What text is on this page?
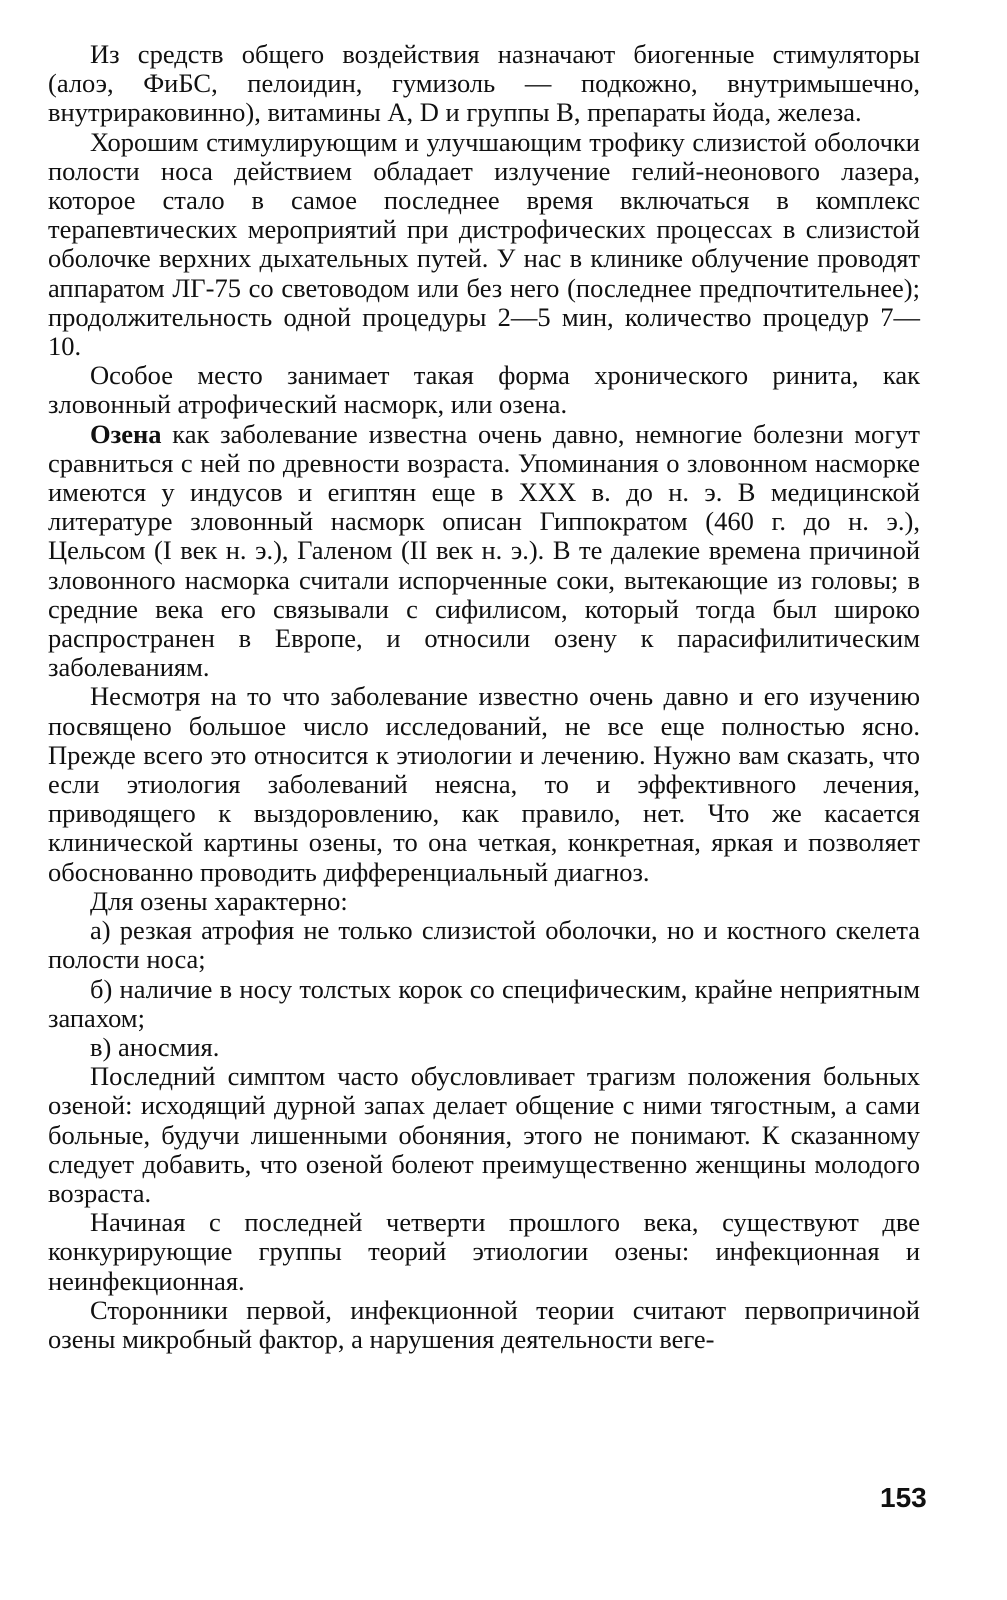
Из средств общего воздействия назначают биогенные стимуляторы (алоэ, ФиБС, пелоидин, гумизоль — подкожно, внутримышечно, внутрираковинно), витамины A, D и группы B, препараты йода, железа.

Хорошим стимулирующим и улучшающим трофику слизистой оболочки полости носа действием обладает излучение гелий-неонового лазера, которое стало в самое последнее время включаться в комплекс терапевтических мероприятий при дистрофических процессах в слизистой оболочке верхних дыхательных путей. У нас в клинике облучение проводят аппаратом ЛГ-75 со световодом или без него (последнее предпочтительнее); продолжительность одной процедуры 2—5 мин, количество процедур 7—10.

Особое место занимает такая форма хронического ринита, как зловонный атрофический насморк, или озена.

Озена как заболевание известна очень давно, немногие болезни могут сравниться с ней по древности возраста. Упоминания о зловонном насморке имеются у индусов и египтян еще в XXX в. до н. э. В медицинской литературе зловонный насморк описан Гиппократом (460 г. до н. э.), Цельсом (I век н. э.), Галеном (II век н. э.). В те далекие времена причиной зловонного насморка считали испорченные соки, вытекающие из головы; в средние века его связывали с сифилисом, который тогда был широко распространен в Европе, и относили озену к парасифилитическим заболеваниям.

Несмотря на то что заболевание известно очень давно и его изучению посвящено большое число исследований, не все еще полностью ясно. Прежде всего это относится к этиологии и лечению. Нужно вам сказать, что если этиология заболеваний неясна, то и эффективного лечения, приводящего к выздоровлению, как правило, нет. Что же касается клинической картины озены, то она четкая, конкретная, яркая и позволяет обоснованно проводить дифференциальный диагноз.

Для озены характерно:

а) резкая атрофия не только слизистой оболочки, но и костного скелета полости носа;

б) наличие в носу толстых корок со специфическим, крайне неприятным запахом;

в) аносмия.

Последний симптом часто обусловливает трагизм положения больных озеной: исходящий дурной запах делает общение с ними тягостным, а сами больные, будучи лишенными обоняния, этого не понимают. К сказанному следует добавить, что озеной болеют преимущественно женщины молодого возраста.

Начиная с последней четверти прошлого века, существуют две конкурирующие группы теорий этиологии озены: инфекционная и неинфекционная.

Сторонники первой, инфекционной теории считают первопричиной озены микробный фактор, а нарушения деятельности веге-

153
